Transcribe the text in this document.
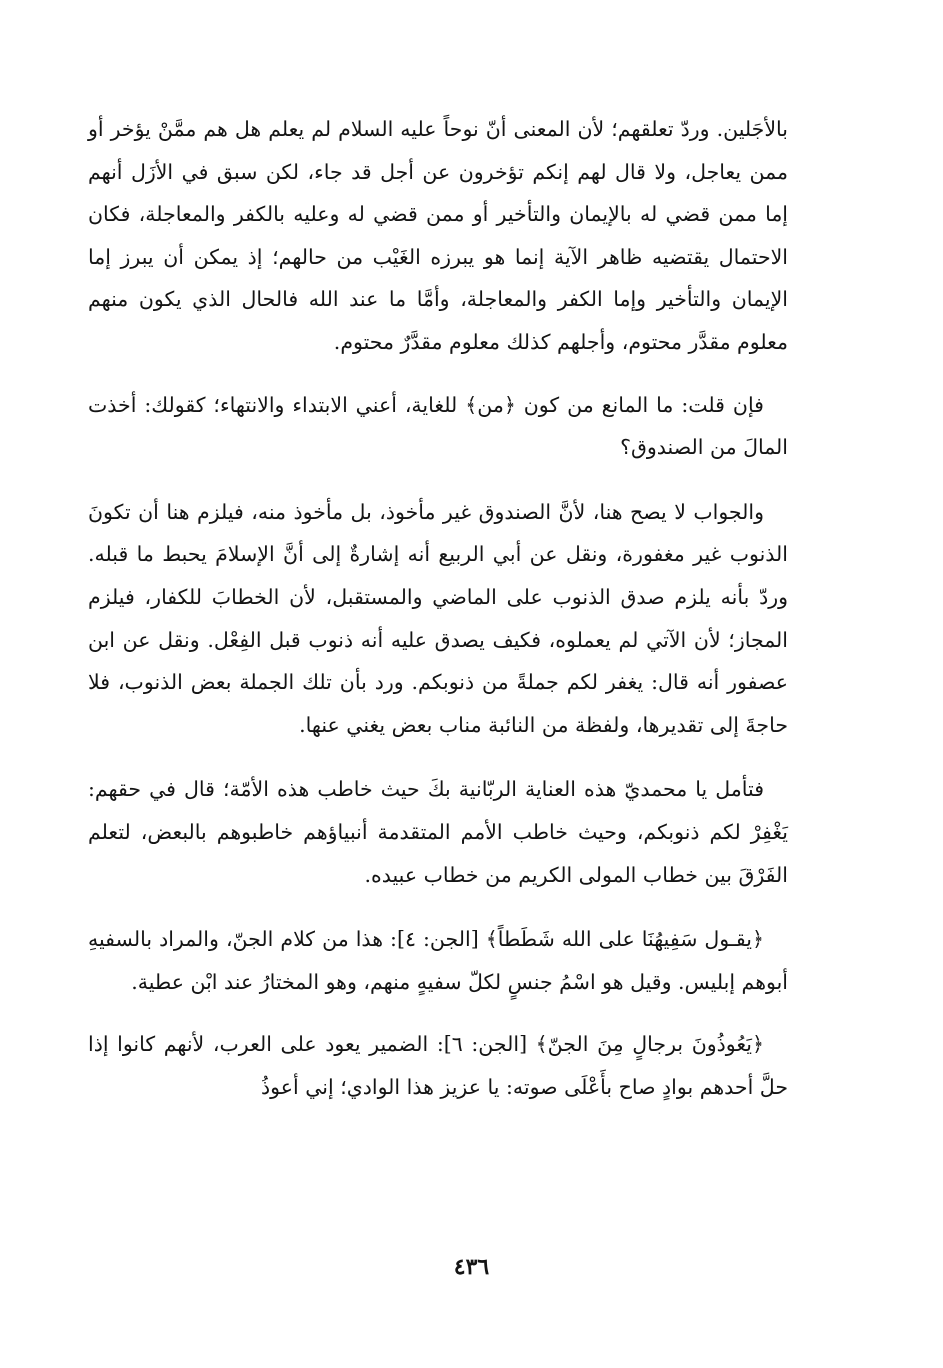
بالأجَلين. وردّ تعلقهم؛ لأن المعنى أنّ نوحاً عليه السلام لم يعلم هل هم ممَّنْ يؤخر أو ممن يعاجل، ولا قال لهم إنكم تؤخرون عن أجل قد جاء، لكن سبق في الأزَل أنهم إما ممن قضي له بالإيمان والتأخير أو ممن قضي له وعليه بالكفر والمعاجلة، فكان الاحتمال يقتضيه ظاهر الآية إنما هو يبرزه الغَيْب من حالهم؛ إذ يمكن أن يبرز إما الإيمان والتأخير وإما الكفر والمعاجلة، وأمَّا ما عند الله فالحال الذي يكون منهم معلوم مقدَّر محتوم، وأجلهم كذلك معلوم مقدَّرٌ محتوم.

فإن قلت: ما المانع من كون ﴿من﴾ للغاية، أعني الابتداء والانتهاء؛ كقولك: أخذت المالَ من الصندوق؟

والجواب لا يصح هنا، لأنَّ الصندوق غير مأخوذ، بل مأخوذ منه، فيلزم هنا أن تكونَ الذنوب غير مغفورة، ونقل عن أبي الربيع أنه إشارةٌ إلى أنَّ الإسلامَ يحبط ما قبله. وردّ بأنه يلزم صدق الذنوب على الماضي والمستقبل، لأن الخطابَ للكفار، فيلزم المجاز؛ لأن الآتي لم يعملوه، فكيف يصدق عليه أنه ذنوب قبل الفِعْل. ونقل عن ابن عصفور أنه قال: يغفر لكم جملةً من ذنوبكم. ورد بأن تلك الجملة بعض الذنوب، فلا حاجةَ إلى تقديرها، ولفظة من النائبة مناب بعض يغني عنها.

فتأمل يا محمديّ هذه العناية الربّانية بكَ حيث خاطب هذه الأمّة؛ قال في حقهم: يَغْفِرْ لكم ذنوبكم، وحيث خاطب الأمم المتقدمة أنبياؤهم خاطبوهم بالبعض، لتعلم الفَرْقَ بين خطاب المولى الكريم من خطاب عبيده.

﴿يقـول سَفِيهُنَا على الله شَطَطاً﴾ [الجن: ٤]: هذا من كلام الجنّ، والمراد بالسفيهِ أبوهم إبليس. وقيل هو اسْمُ جنسٍ لكلّ سفيهٍ منهم، وهو المختارُ عند ابْن عطية.

﴿يَعُوذُونَ برجالٍ مِنَ الجنّ﴾ [الجن: ٦]: الضمير يعود على العرب، لأنهم كانوا إذا حلَّ أحدهم بوادٍ صاح بأَعْلَى صوته: يا عزيز هذا الوادي؛ إني أعوذُ

٤٣٦
